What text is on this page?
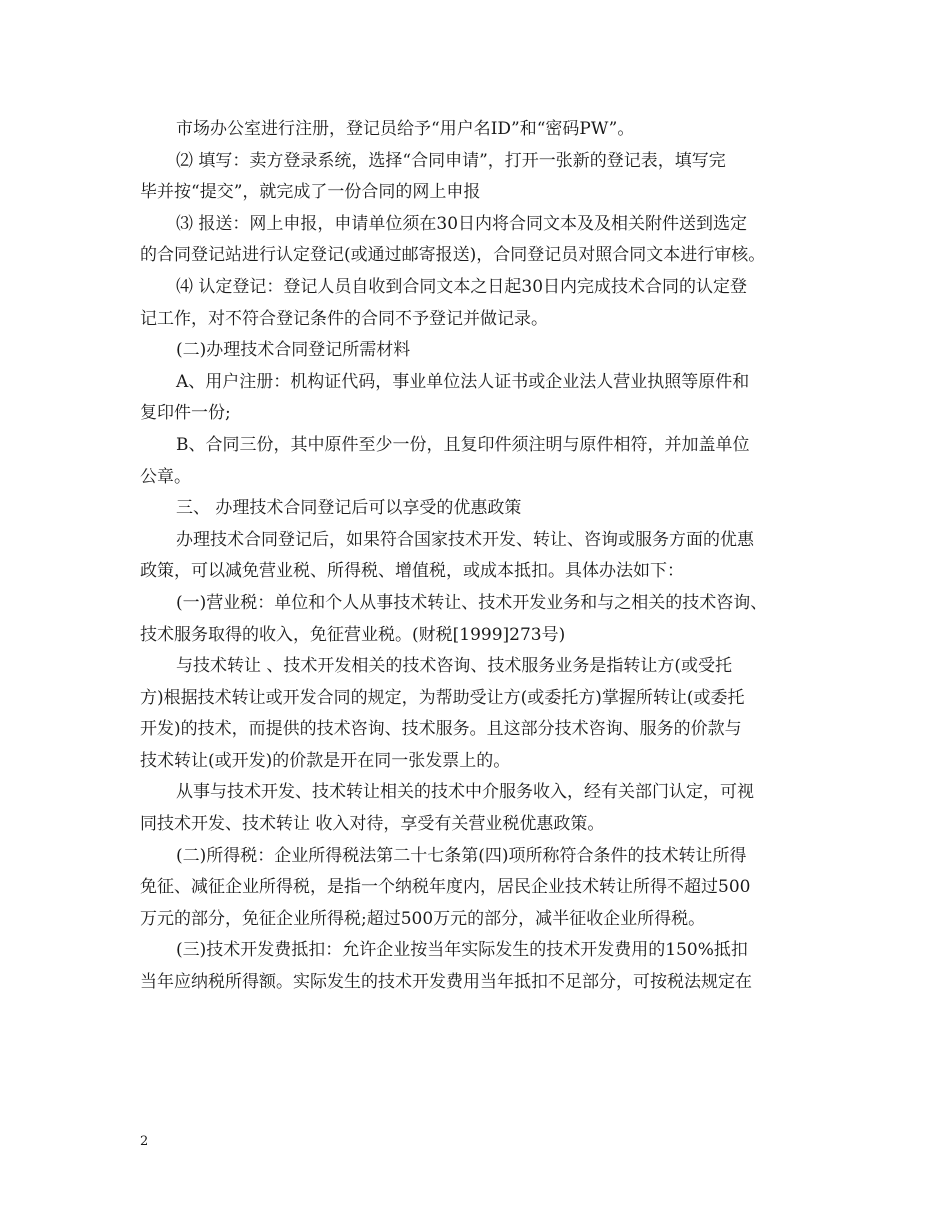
市场办公室进行注册，登记员给予“用户名ID”和“密码PW”。
⑵ 填写：卖方登录系统，选择“合同申请”，打开一张新的登记表，填写完
毕并按“提交”，就完成了一份合同的网上申报
⑶ 报送：网上申报，申请单位须在30日内将合同文本及及相关附件送到选定
的合同登记站进行认定登记(或通过邮寄报送)，合同登记员对照合同文本进行审核。
⑷ 认定登记：登记人员自收到合同文本之日起30日内完成技术合同的认定登
记工作，对不符合登记条件的合同不予登记并做记录。
(二)办理技术合同登记所需材料
A、用户注册：机构证代码，事业单位法人证书或企业法人营业执照等原件和
复印件一份;
B、合同三份，其中原件至少一份，且复印件须注明与原件相符，并加盖单位
公章。
三、 办理技术合同登记后可以享受的优惠政策
办理技术合同登记后，如果符合国家技术开发、转让、咨询或服务方面的优惠
政策，可以减免营业税、所得税、增值税，或成本抵扣。具体办法如下：
(一)营业税：单位和个人从事技术转让、技术开发业务和与之相关的技术咨询、
技术服务取得的收入，免征营业税。(财税[1999]273号)
与技术转让 、技术开发相关的技术咨询、技术服务业务是指转让方(或受托
方)根据技术转让或开发合同的规定，为帮助受让方(或委托方)掌握所转让(或委托
开发)的技术，而提供的技术咨询、技术服务。且这部分技术咨询、服务的价款与
技术转让(或开发)的价款是开在同一张发票上的。
从事与技术开发、技术转让相关的技术中介服务收入，经有关部门认定，可视
同技术开发、技术转让 收入对待，享受有关营业税优惠政策。
(二)所得税：企业所得税法第二十七条第(四)项所称符合条件的技术转让所得
免征、减征企业所得税，是指一个纳税年度内，居民企业技术转让所得不超过500
万元的部分，免征企业所得税;超过500万元的部分，减半征收企业所得税。
(三)技术开发费抵扣：允许企业按当年实际发生的技术开发费用的150%抵扣
当年应纳税所得额。实际发生的技术开发费用当年抵扣不足部分，可按税法规定在
2
